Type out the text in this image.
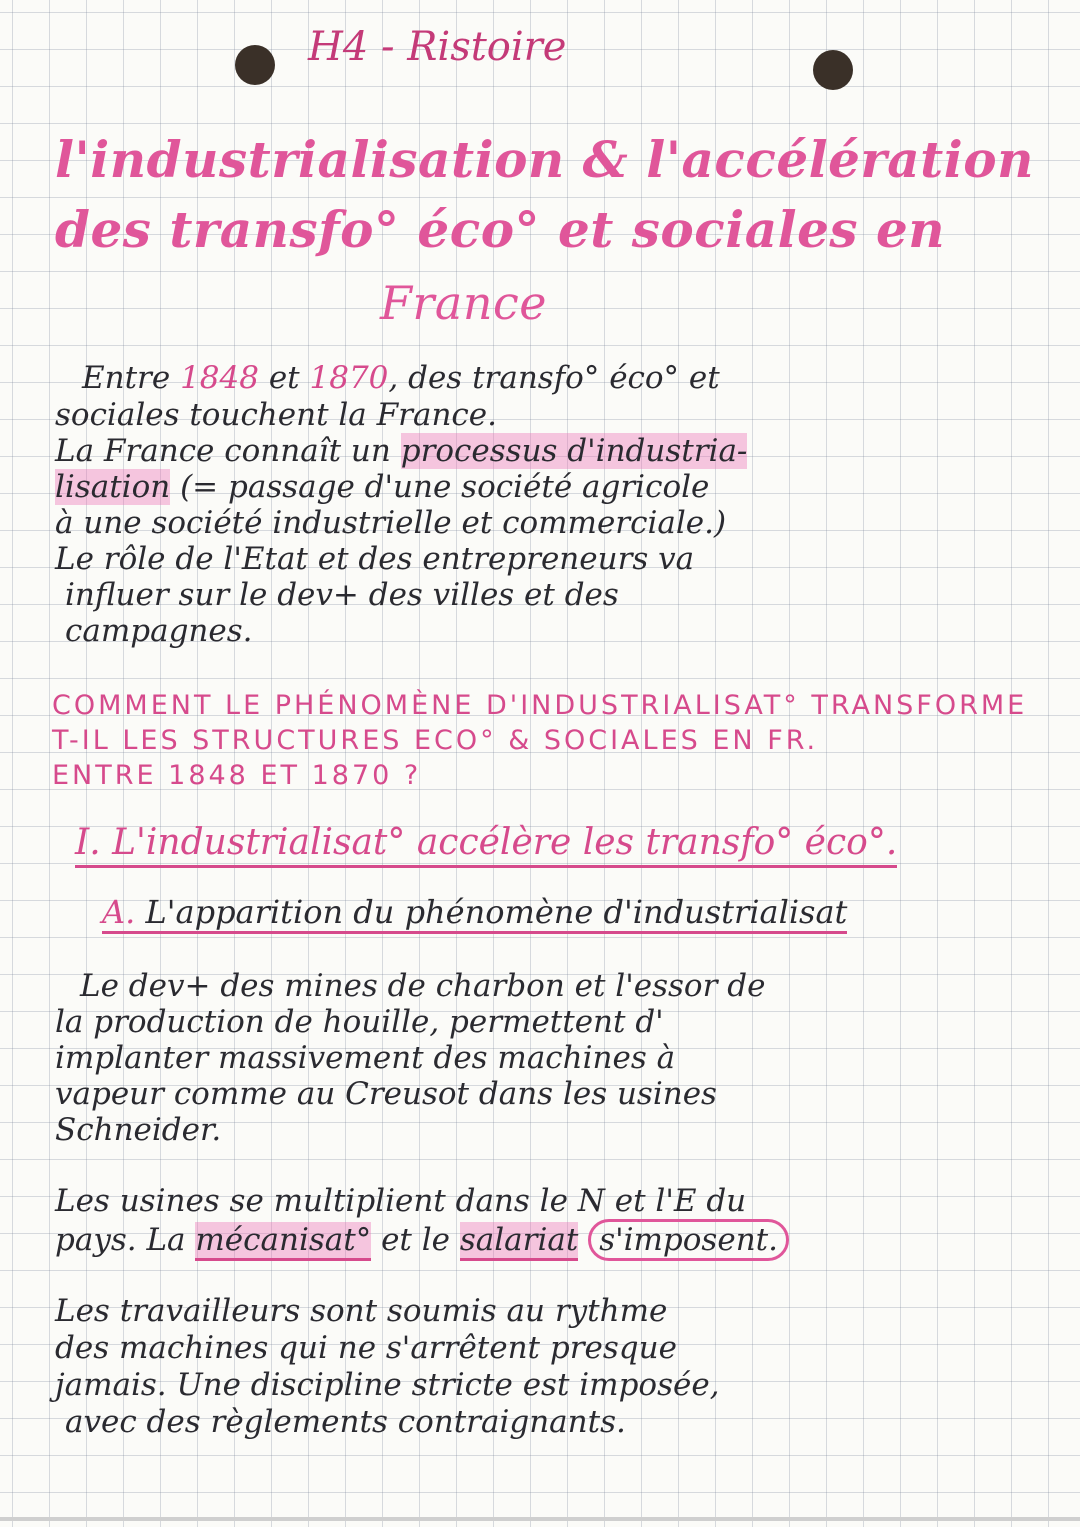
H4 - Ristoire

l'industrialisation & l'accélération

des transfo° éco° et sociales en

France

Entre 1848 et 1870, des transfo° éco° et
sociales touchent la France.
La France connaît un processus d'industria-
lisation (= passage d'une société agricole
à une société industrielle et commerciale.)
Le rôle de l'Etat et des entrepreneurs va
influer sur le dev+ des villes et des
campagnes.
COMMENT LE PHÉNOMÈNE D'INDUSTRIALISAT° TRANSFORME
T-IL LES STRUCTURES ECO° & SOCIALES EN FR.
ENTRE 1848 ET 1870 ?
I. L'industrialisat° accélère les transfo° éco°.
A. L'apparition du phénomène d'industrialisat
Le dev+ des mines de charbon et l'essor de
la production de houille, permettent d'
implanter massivement des machines à
vapeur comme au Creusot dans les usines
Schneider.
Les usines se multiplient dans le N et l'E du
pays. La mécanisat° et le salariat s'imposent.
Les travailleurs sont soumis au rythme
des machines qui ne s'arrêtent presque
jamais. Une discipline stricte est imposée,
avec des règlements contraignants.
